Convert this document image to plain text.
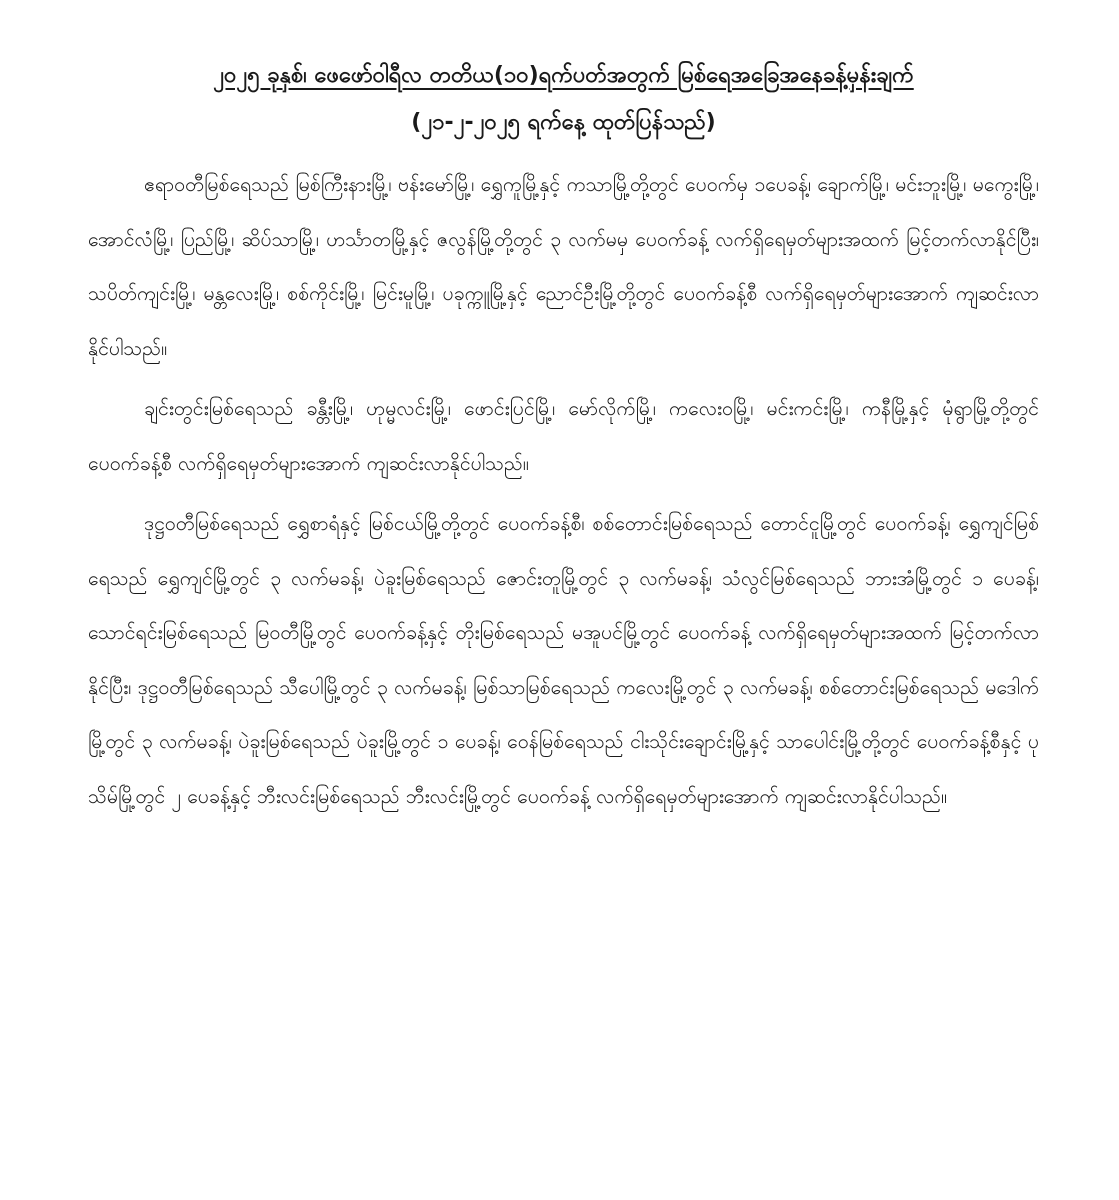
၂၀၂၅ ခုနှစ်၊ ဖေဖော်ဝါရီလ တတိယ(၁၀)ရက်ပတ်အတွက် မြစ်ရေအခြေအနေခန့်မှန်းချက်
(၂၁-၂-၂၀၂၅ ရက်နေ့ ထုတ်ပြန်သည်)

ဧရာဝတီမြစ်ရေသည် မြစ်ကြီးနားမြို့၊ ဗန်းမော်မြို့၊ ရွှေကူမြို့နှင့် ကသာမြို့တို့တွင် ပေ၀က်မှ ၁ပေခန့်၊ ချောက်မြို့၊ မင်းဘူးမြို့၊ မကွေးမြို့၊ အောင်လံမြို့၊ ပြည်မြို့၊ ဆိပ်သာမြို့၊ ဟင်္သာတမြို့နှင့် ဇလွန်မြို့တို့တွင် ၃ လက်မမှ ပေ၀က်ခန့် လက်ရှိရေမှတ်များအထက် မြင့်တက်လာနိုင်ပြီး၊ သပိတ်ကျင်းမြို့၊ မန္တလေးမြို့၊ စစ်ကိုင်းမြို့၊ မြင်းမူမြို့၊ ပခုက္ကူမြို့နှင့် ညောင်ဦးမြို့တို့တွင် ပေ၀က်ခန့်စီ လက်ရှိရေမှတ်များအောက် ကျဆင်းလာနိုင်ပါသည်။

ချင်းတွင်းမြစ်ရေသည် ခန္တီးမြို့၊ ဟုမ္မလင်းမြို့၊ ဖောင်းပြင်မြို့၊ မော်လိုက်မြို့၊ ကလေးဝမြို့၊ မင်းကင်းမြို့၊ ကနီမြို့နှင့် မုံရွာမြို့တို့တွင် ပေ၀က်ခန့်စီ လက်ရှိရေမှတ်များအောက် ကျဆင်းလာနိုင်ပါသည်။

ဒုဋ္ဌဝတီမြစ်ရေသည် ရွှေစာရံနှင့် မြစ်ငယ်မြို့တို့တွင် ပေ၀က်ခန့်စီ၊ စစ်တောင်းမြစ်ရေသည် တောင်ငူမြို့တွင် ပေ၀က်ခန့်၊ ရွှေကျင်မြစ်ရေသည် ရွှေကျင်မြို့တွင် ၃ လက်မခန့်၊ ပဲခူးမြစ်ရေသည် ဇောင်းတူမြို့တွင် ၃ လက်မခန့်၊ သံလွင်မြစ်ရေသည် ဘားအံမြို့တွင် ၁ ပေခန့်၊ သောင်ရင်းမြစ်ရေသည် မြဝတီမြို့တွင် ပေ၀က်ခန့်နှင့် တိုးမြစ်ရေသည် မအူပင်မြို့တွင် ပေ၀က်ခန့် လက်ရှိရေမှတ်များအထက် မြင့်တက်လာနိုင်ပြီး၊ ဒုဋ္ဌဝတီမြစ်ရေသည် သီပေါမြို့တွင် ၃ လက်မခန့်၊ မြစ်သာမြစ်ရေသည် ကလေးမြို့တွင် ၃ လက်မခန့်၊ စစ်တောင်းမြစ်ရေသည် မဒေါက်မြို့တွင် ၃ လက်မခန့်၊ ပဲခူးမြစ်ရေသည် ပဲခူးမြို့တွင် ၁ ပေခန့်၊ ဝေန်မြစ်ရေသည် ငါးသိုင်းချောင်းမြို့နှင့် သာပေါင်းမြို့တို့တွင် ပေ၀က်ခန့်စီနှင့် ပုသိမ်မြို့တွင် ၂ ပေခန့်နှင့် ဘီးလင်းမြစ်ရေသည် ဘီးလင်းမြို့တွင် ပေ၀က်ခန့် လက်ရှိရေမှတ်များအောက် ကျဆင်းလာနိုင်ပါသည်။
